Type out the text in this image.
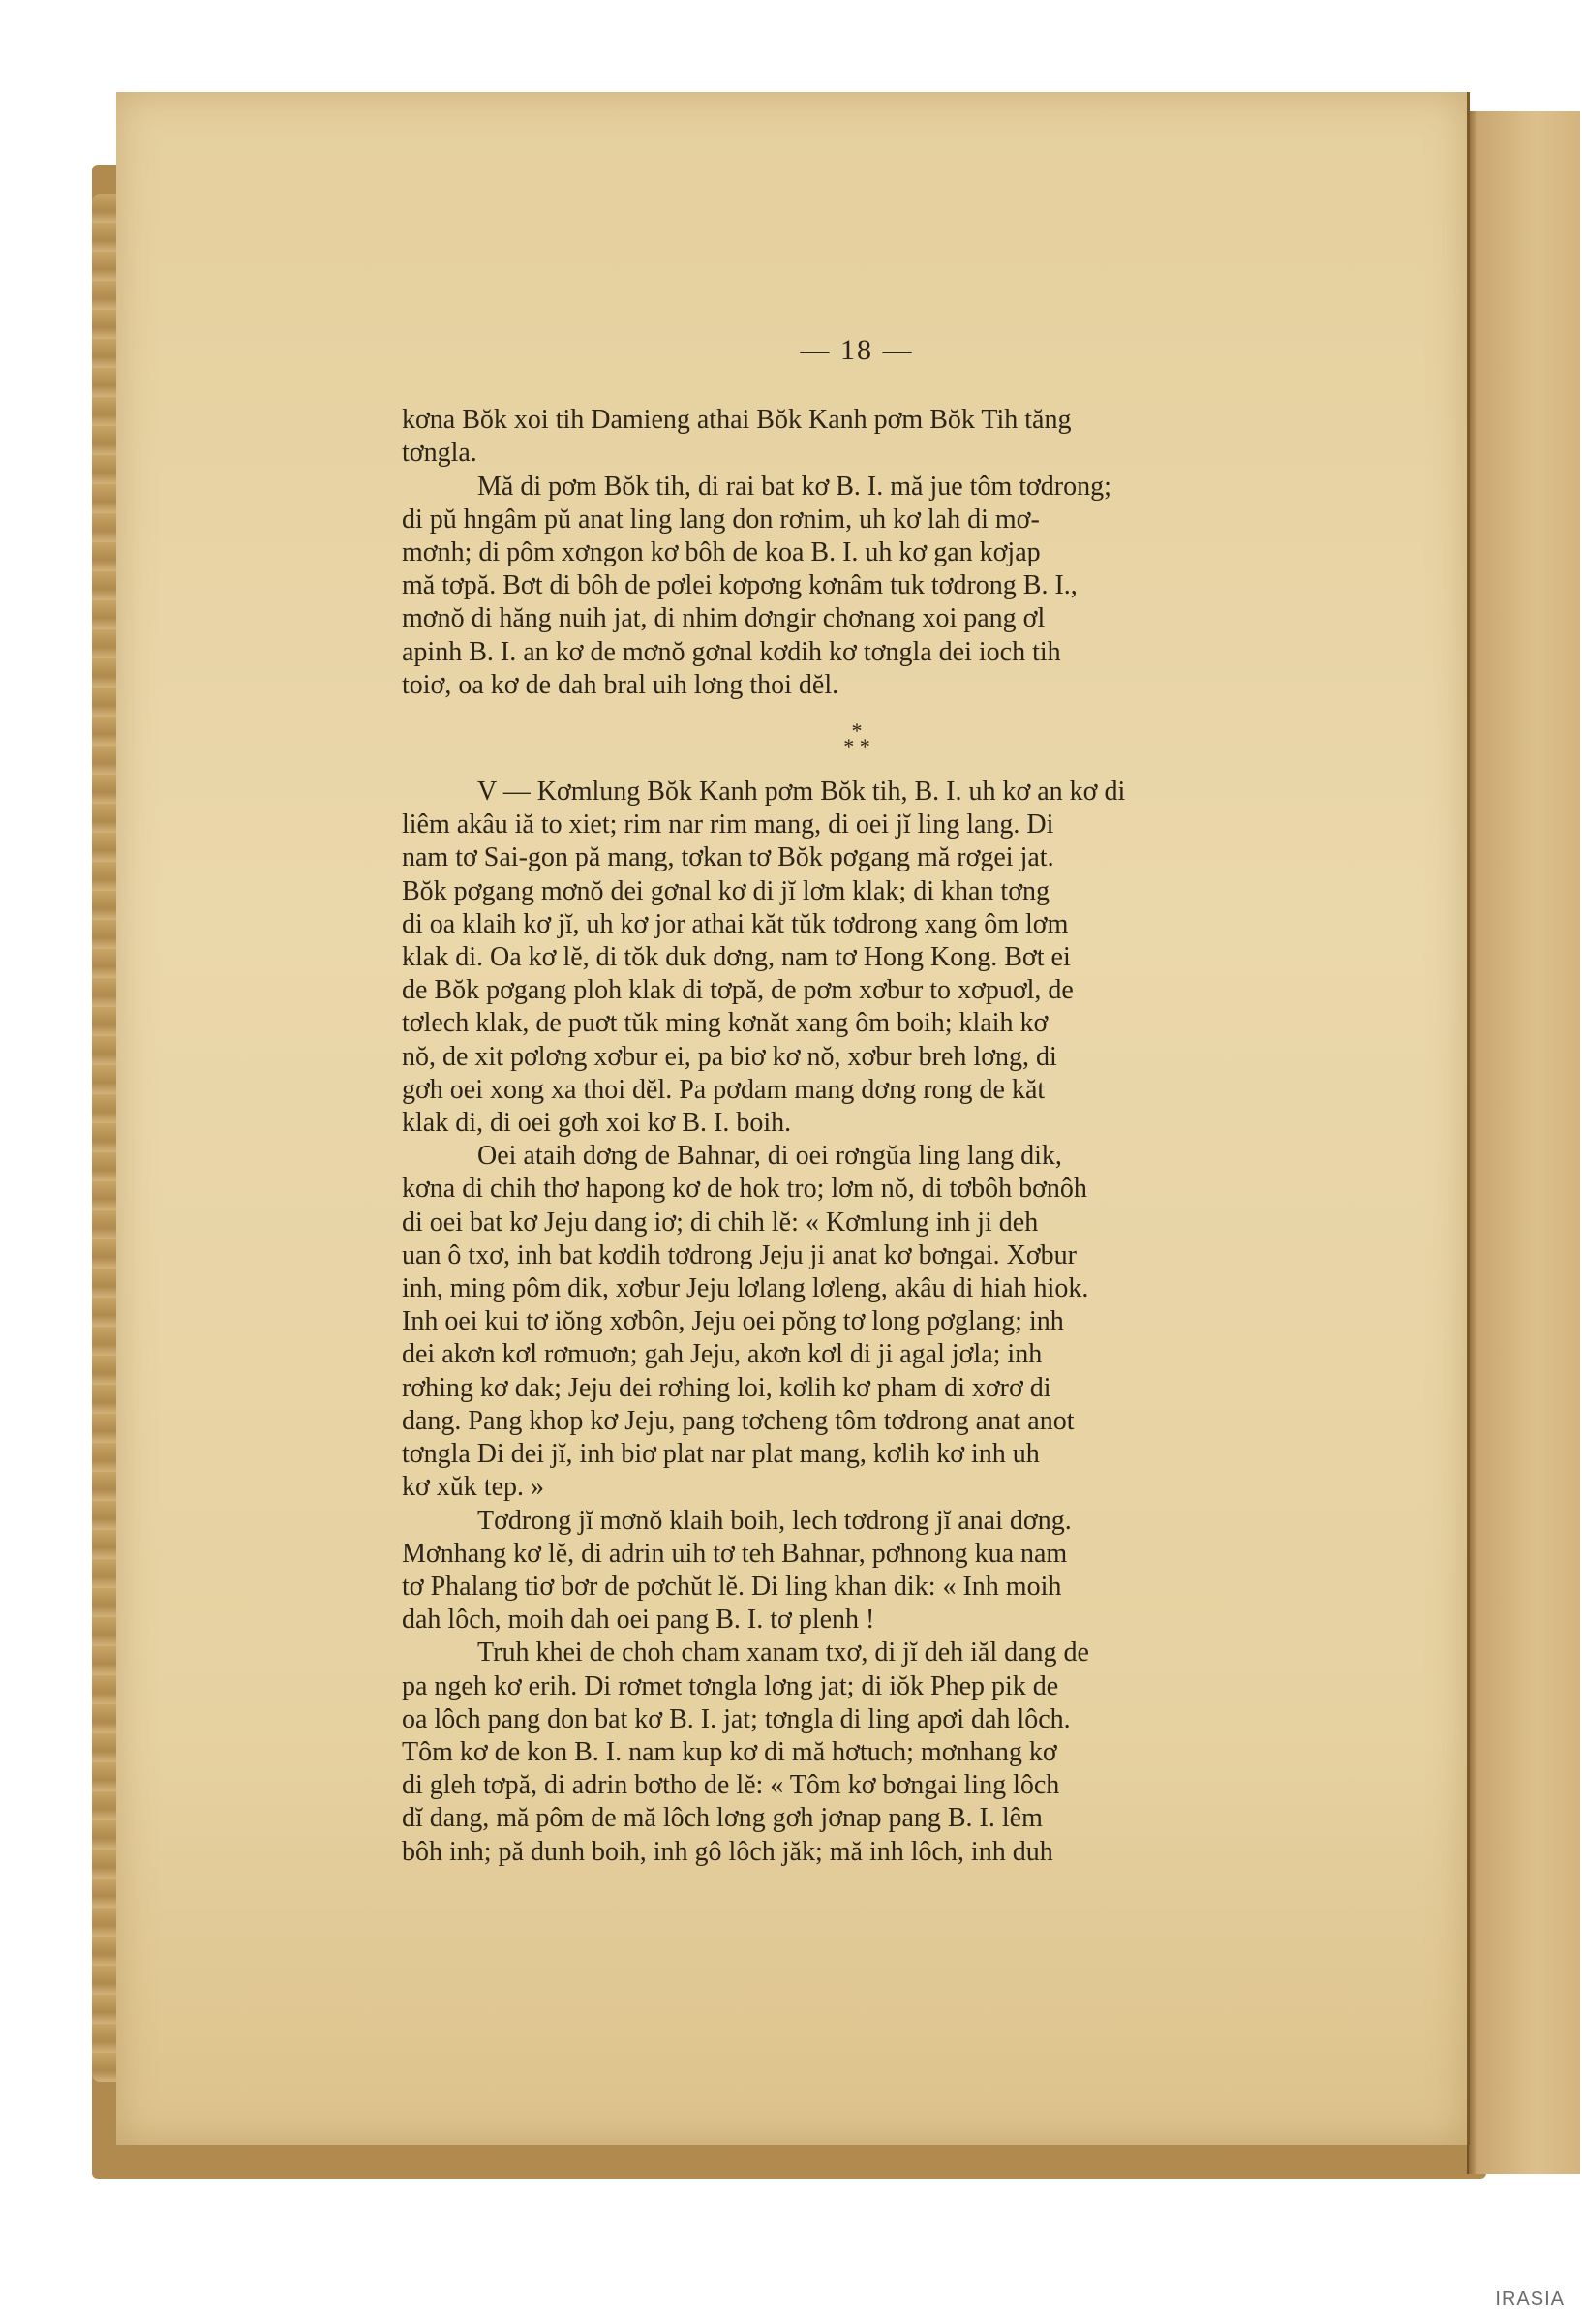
— 18 —

kơna Bŏk xoi tih Damieng athai Bŏk Kanh pơm Bŏk Tih tăng
tơngla.

Mă di pơm Bŏk tih, di rai bat kơ B. I. mă jue tôm tơdrong;
di pŭ hngâm pŭ anat ling lang don rơnim, uh kơ lah di mơ-
mơnh; di pôm xơngon kơ bôh de koa B. I. uh kơ gan kơjap
mă tơpă. Bơt di bôh de pơlei kơpơng kơnâm tuk tơdrong B. I.,
mơnŏ di hăng nuih jat, di nhim dơngir chơnang xoi pang ơl
apinh B. I. an kơ de mơnŏ gơnal kơdih kơ tơngla dei ioch tih
toiơ, oa kơ de dah bral uih lơng thoi dĕl.

*
* *

V — Kơmlung Bŏk Kanh pơm Bŏk tih, B. I. uh kơ an kơ di
liêm akâu iă to xiet; rim nar rim mang, di oei jĭ ling lang. Di
nam tơ Sai-gon pă mang, tơkan tơ Bŏk pơgang mă rơgei jat.
Bŏk pơgang mơnŏ dei gơnal kơ di jĭ lơm klak; di khan tơng
di oa klaih kơ jĭ, uh kơ jor athai kăt tŭk tơdrong xang ôm lơm
klak di. Oa kơ lĕ, di tŏk duk dơng, nam tơ Hong Kong. Bơt ei
de Bŏk pơgang ploh klak di tơpă, de pơm xơbur to xơpuơl, de
tơlech klak, de puơt tŭk ming kơnăt xang ôm boih; klaih kơ
nŏ, de xit pơlơng xơbur ei, pa biơ kơ nŏ, xơbur breh lơng, di
gơh oei xong xa thoi dĕl. Pa pơdam mang dơng rong de kăt
klak di, di oei gơh xoi kơ B. I. boih.

Oei ataih dơng de Bahnar, di oei rơngŭa ling lang dik,
kơna di chih thơ hapong kơ de hok tro; lơm nŏ, di tơbôh bơnôh
di oei bat kơ Jeju dang iơ; di chih lĕ: « Kơmlung inh ji deh
uan ô txơ, inh bat kơdih tơdrong Jeju ji anat kơ bơngai. Xơbur
inh, ming pôm dik, xơbur Jeju lơlang lơleng, akâu di hiah hiok.
Inh oei kui tơ iŏng xơbôn, Jeju oei pŏng tơ long pơglang; inh
dei akơn kơl rơmuơn; gah Jeju, akơn kơl di ji agal jơla; inh
rơhing kơ dak; Jeju dei rơhing loi, kơlih kơ pham di xơrơ di
dang. Pang khop kơ Jeju, pang tơcheng tôm tơdrong anat anot
tơngla Di dei jĭ, inh biơ plat nar plat mang, kơlih kơ inh uh
kơ xŭk tep. »

Tơdrong jĭ mơnŏ klaih boih, lech tơdrong jĭ anai dơng.
Mơnhang kơ lĕ, di adrin uih tơ teh Bahnar, pơhnong kua nam
tơ Phalang tiơ bơr de pơchŭt lĕ. Di ling khan dik: « Inh moih
dah lôch, moih dah oei pang B. I. tơ plenh !

Truh khei de choh cham xanam txơ, di jĭ deh iăl dang de
pa ngeh kơ erih. Di rơmet tơngla lơng jat; di iŏk Phep pik de
oa lôch pang don bat kơ B. I. jat; tơngla di ling apơi dah lôch.
Tôm kơ de kon B. I. nam kup kơ di mă hơtuch; mơnhang kơ
di gleh tơpă, di adrin bơtho de lĕ: « Tôm kơ bơngai ling lôch
dĭ dang, mă pôm de mă lôch lơng gơh jơnap pang B. I. lêm
bôh inh; pă dunh boih, inh gô lôch jăk; mă inh lôch, inh duh

IRASIA
